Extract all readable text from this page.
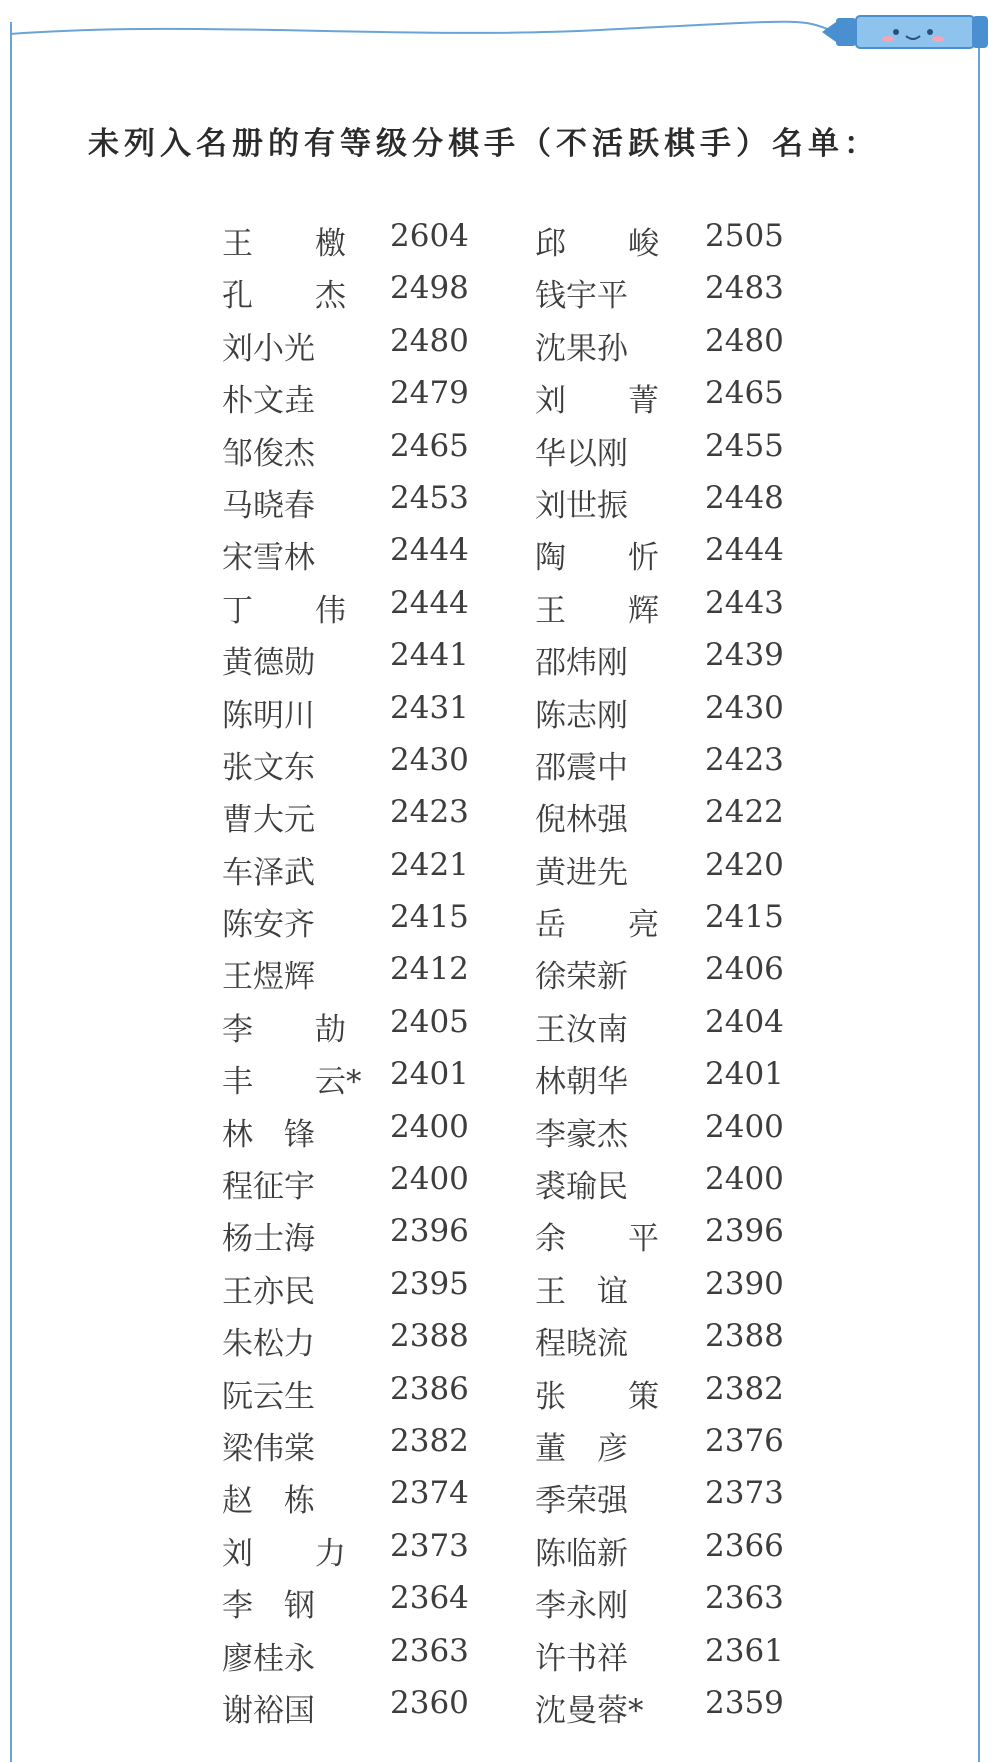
未列入名册的有等级分棋手（不活跃棋手）名单：
王　　檄 2604 邱　　峻 2505
孔　　杰 2498 钱宇平	2483
刘小光	2480 沈果孙	2480
朴文垚	2479 刘　　菁 2465
邹俊杰	2465 华以刚	2455
马晓春	2453 刘世振	2448
宋雪林	2444 陶　　忻 2444
丁　　伟 2444 王　　辉 2443
黄德勋	2441 邵炜刚	2439
陈明川	2431 陈志刚	2430
张文东	2430 邵震中	2423
曹大元	2423 倪林强	2422
车泽武	2421 黄进先	2420
陈安齐	2415 岳　　亮 2415
王煜辉	2412 徐荣新	2406
李　　劼 2405 王汝南	2404
丰　　云* 2401 林朝华	2401
林　锋	2400 李豪杰	2400
程征宇	2400 裘瑜民	2400
杨士海	2396 余　　平 2396
王亦民	2395 王　谊	2390
朱松力	2388 程晓流	2388
阮云生	2386 张　　策 2382
梁伟棠	2382 董　彦	2376
赵　栋	2374 季荣强	2373
刘　　力 2373 陈临新	2366
李　钢	2364 李永刚	2363
廖桂永	2363 许书祥	2361
谢裕国	2360 沈曼蓉*	2359
